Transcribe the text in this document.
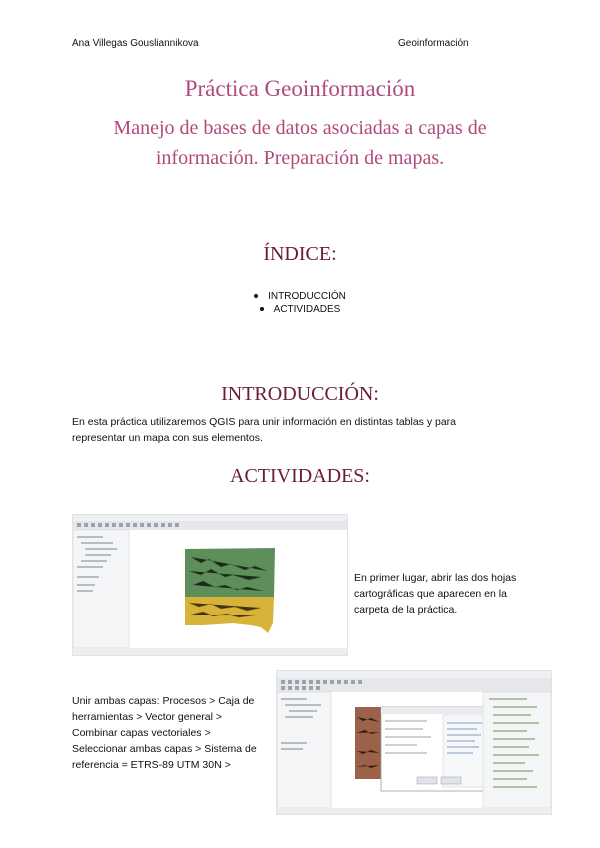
Ana Villegas Gousliannikova	Geoinformación
Práctica Geoinformación
Manejo de bases de datos asociadas a capas de
información. Preparación de mapas.
ÍNDICE:
INTRODUCCIÓN
ACTIVIDADES
INTRODUCCIÓN:
En esta práctica utilizaremos QGIS para unir información en distintas tablas y para
representar un mapa con sus elementos.
ACTIVIDADES:
En primer lugar, abrir las dos hojas
cartográficas que aparecen en la
carpeta de la práctica.
Unir ambas capas: Procesos > Caja de
herramientas > Vector general >
Combinar capas vectoriales >
Seleccionar ambas capas > Sistema de
referencia = ETRS-89 UTM 30N >
